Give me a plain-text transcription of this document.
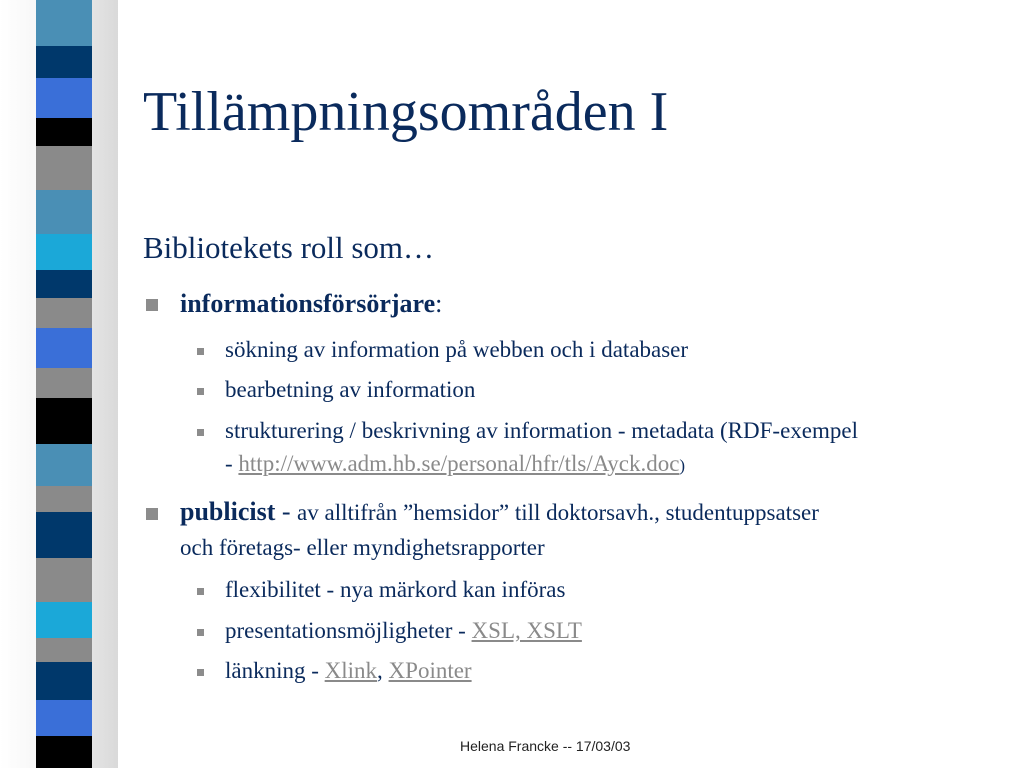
Tillämpningsområden I
Bibliotekets roll som…
informationsförsörjare:
sökning av information på webben och i databaser
bearbetning av information
strukturering / beskrivning av information - metadata (RDF-exempel
- http://www.adm.hb.se/personal/hfr/tls/Ayck.doc)
publicist - av alltifrån ”hemsidor” till doktorsavh., studentuppsatser
och företags- eller myndighetsrapporter
flexibilitet - nya märkord kan införas
presentationsmöjligheter - XSL, XSLT
länkning - Xlink, XPointer
Helena Francke -- 17/03/03
